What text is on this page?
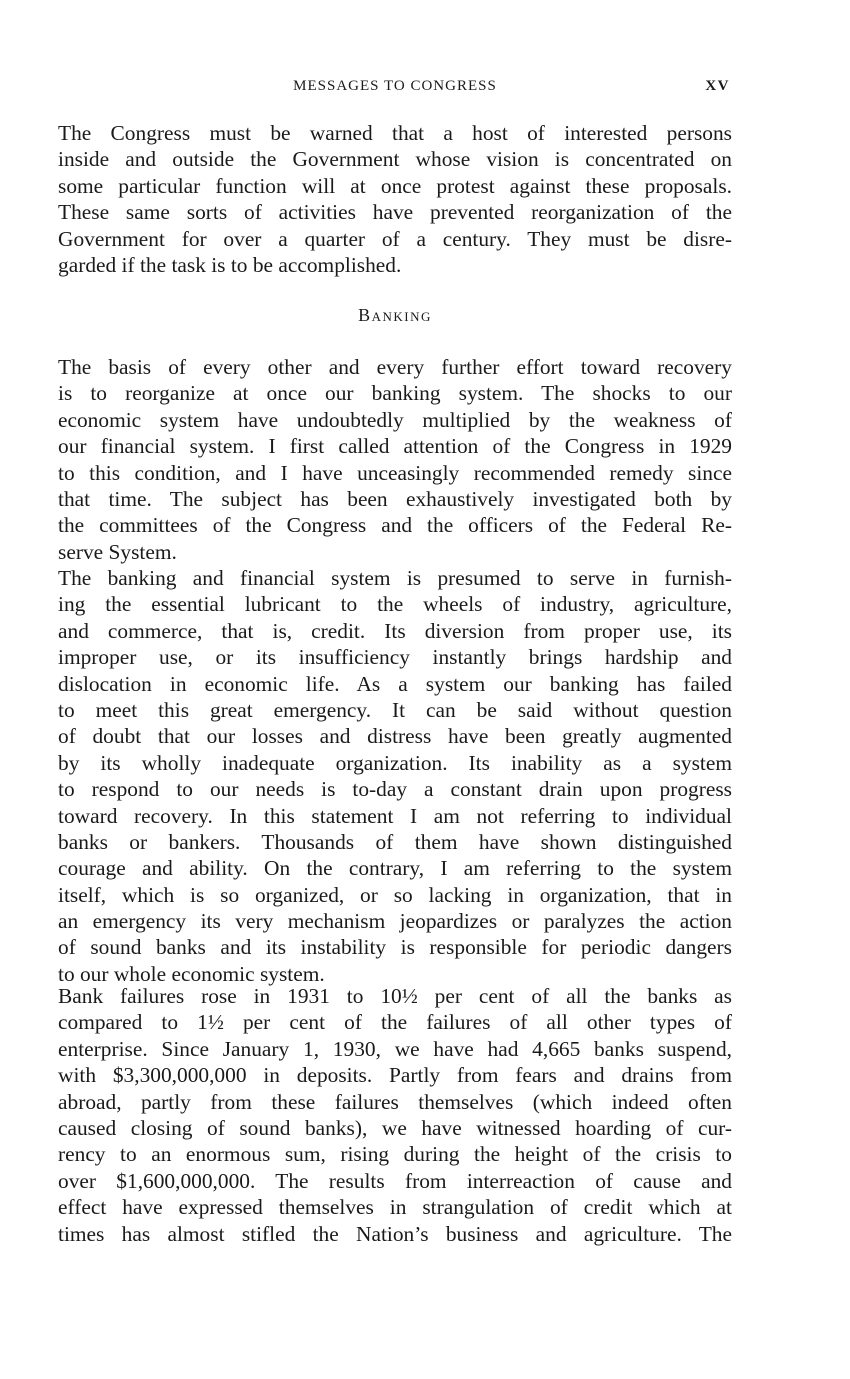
MESSAGES TO CONGRESS	XV
The Congress must be warned that a host of interested persons
inside and outside the Government whose vision is concentrated on
some particular function will at once protest against these proposals.
These same sorts of activities have prevented reorganization of the
Government for over a quarter of a century. They must be disre-
garded if the task is to be accomplished.
Banking
The basis of every other and every further effort toward recovery
is to reorganize at once our banking system. The shocks to our
economic system have undoubtedly multiplied by the weakness of
our financial system. I first called attention of the Congress in 1929
to this condition, and I have unceasingly recommended remedy since
that time. The subject has been exhaustively investigated both by
the committees of the Congress and the officers of the Federal Re-
serve System.
The banking and financial system is presumed to serve in furnish-
ing the essential lubricant to the wheels of industry, agriculture,
and commerce, that is, credit. Its diversion from proper use, its
improper use, or its insufficiency instantly brings hardship and
dislocation in economic life. As a system our banking has failed
to meet this great emergency. It can be said without question
of doubt that our losses and distress have been greatly augmented
by its wholly inadequate organization. Its inability as a system
to respond to our needs is to-day a constant drain upon progress
toward recovery. In this statement I am not referring to individual
banks or bankers. Thousands of them have shown distinguished
courage and ability. On the contrary, I am referring to the system
itself, which is so organized, or so lacking in organization, that in
an emergency its very mechanism jeopardizes or paralyzes the action
of sound banks and its instability is responsible for periodic dangers
to our whole economic system.
Bank failures rose in 1931 to 10½ per cent of all the banks as
compared to 1½ per cent of the failures of all other types of
enterprise. Since January 1, 1930, we have had 4,665 banks suspend,
with $3,300,000,000 in deposits. Partly from fears and drains from
abroad, partly from these failures themselves (which indeed often
caused closing of sound banks), we have witnessed hoarding of cur-
rency to an enormous sum, rising during the height of the crisis to
over $1,600,000,000. The results from interreaction of cause and
effect have expressed themselves in strangulation of credit which at
times has almost stifled the Nation’s business and agriculture. The
